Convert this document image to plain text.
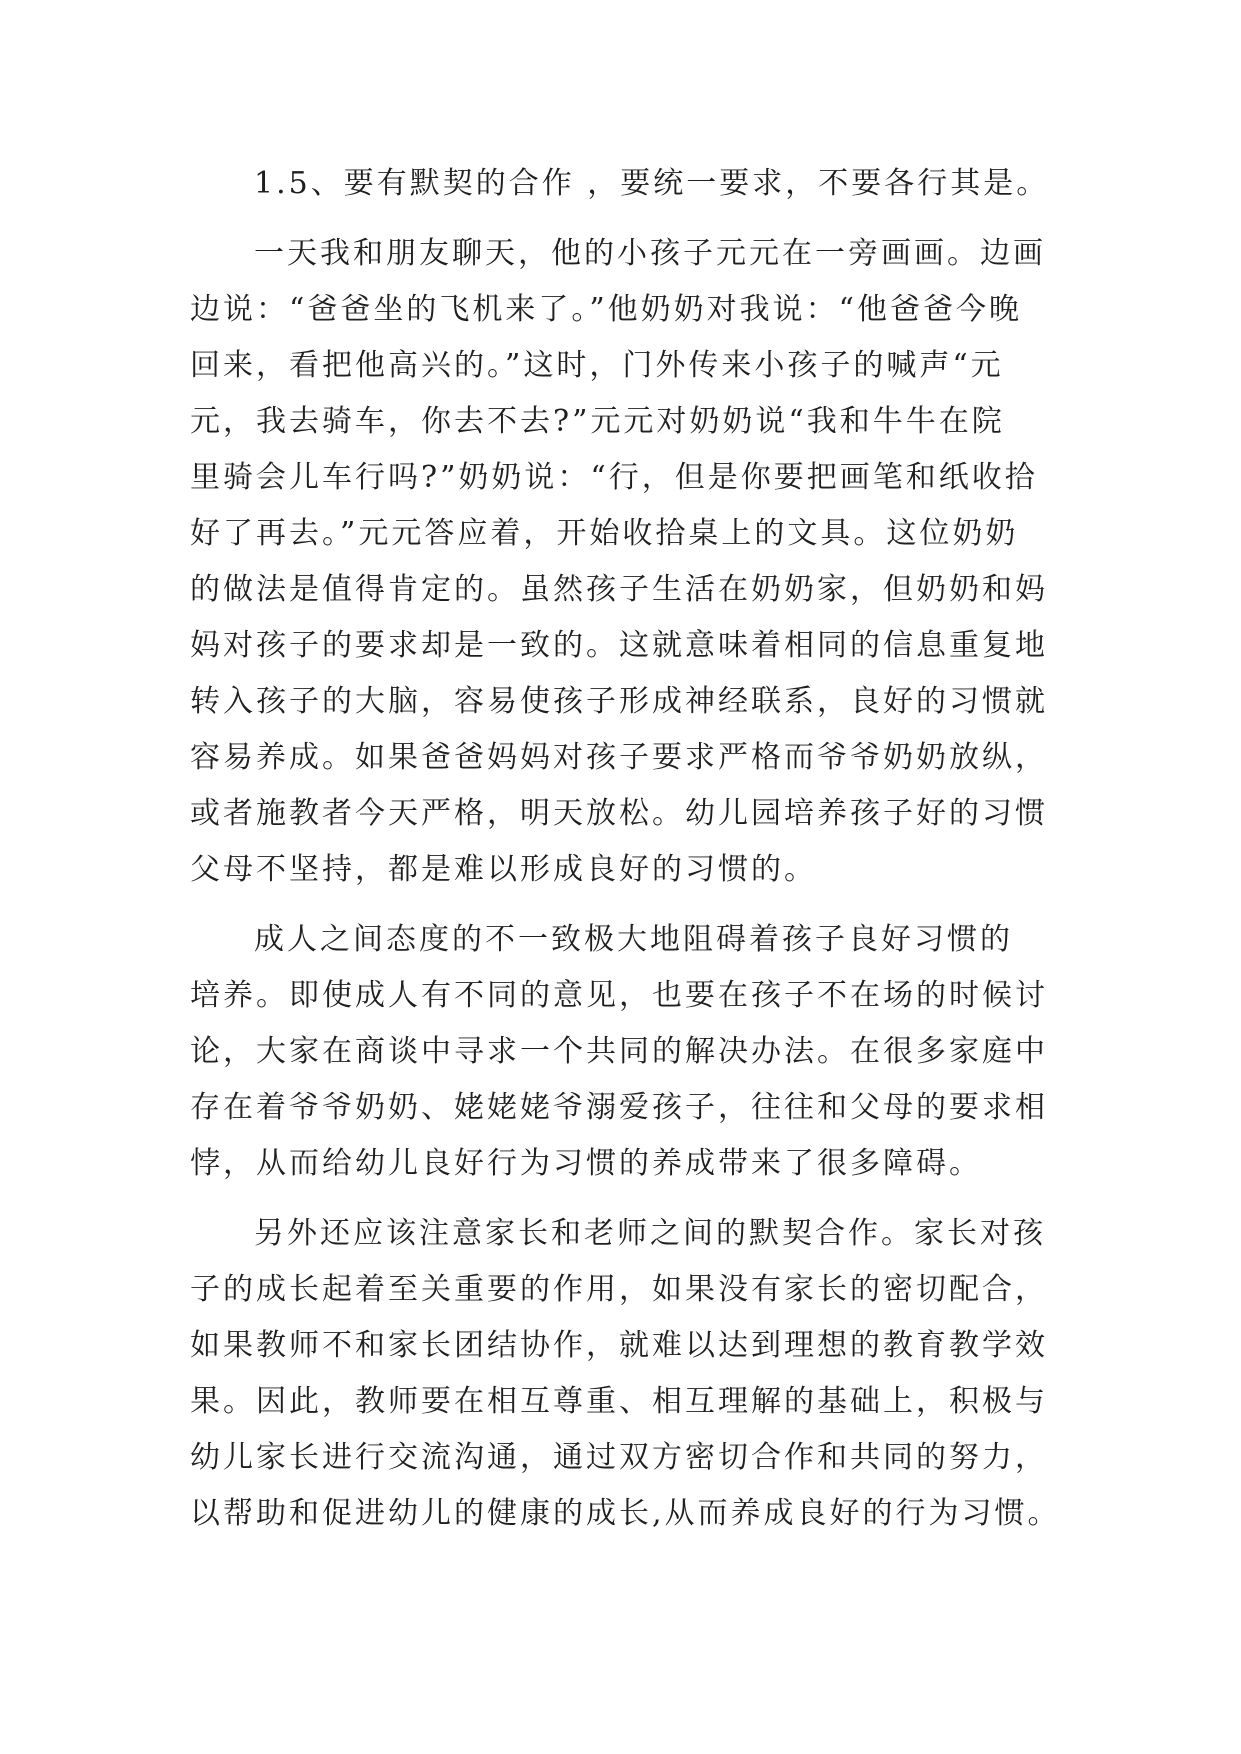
1.5、要有默契的合作 ，要统一要求，不要各行其是。
一天我和朋友聊天，他的小孩子元元在一旁画画。边画
边说：“爸爸坐的飞机来了。”他奶奶对我说：“他爸爸今晚
回来，看把他高兴的。”这时，门外传来小孩子的喊声“元
元，我去骑车，你去不去?”元元对奶奶说“我和牛牛在院
里骑会儿车行吗?”奶奶说：“行，但是你要把画笔和纸收拾
好了再去。”元元答应着，开始收拾桌上的文具。这位奶奶
的做法是值得肯定的。虽然孩子生活在奶奶家，但奶奶和妈
妈对孩子的要求却是一致的。这就意味着相同的信息重复地
转入孩子的大脑，容易使孩子形成神经联系，良好的习惯就
容易养成。如果爸爸妈妈对孩子要求严格而爷爷奶奶放纵，
或者施教者今天严格，明天放松。幼儿园培养孩子好的习惯
父母不坚持，都是难以形成良好的习惯的。
成人之间态度的不一致极大地阻碍着孩子良好习惯的
培养。即使成人有不同的意见，也要在孩子不在场的时候讨
论，大家在商谈中寻求一个共同的解决办法。在很多家庭中
存在着爷爷奶奶、姥姥姥爷溺爱孩子，往往和父母的要求相
悖，从而给幼儿良好行为习惯的养成带来了很多障碍。
另外还应该注意家长和老师之间的默契合作。家长对孩
子的成长起着至关重要的作用，如果没有家长的密切配合，
如果教师不和家长团结协作，就难以达到理想的教育教学效
果。因此，教师要在相互尊重、相互理解的基础上，积极与
幼儿家长进行交流沟通，通过双方密切合作和共同的努力，
以帮助和促进幼儿的健康的成长,从而养成良好的行为习惯。
